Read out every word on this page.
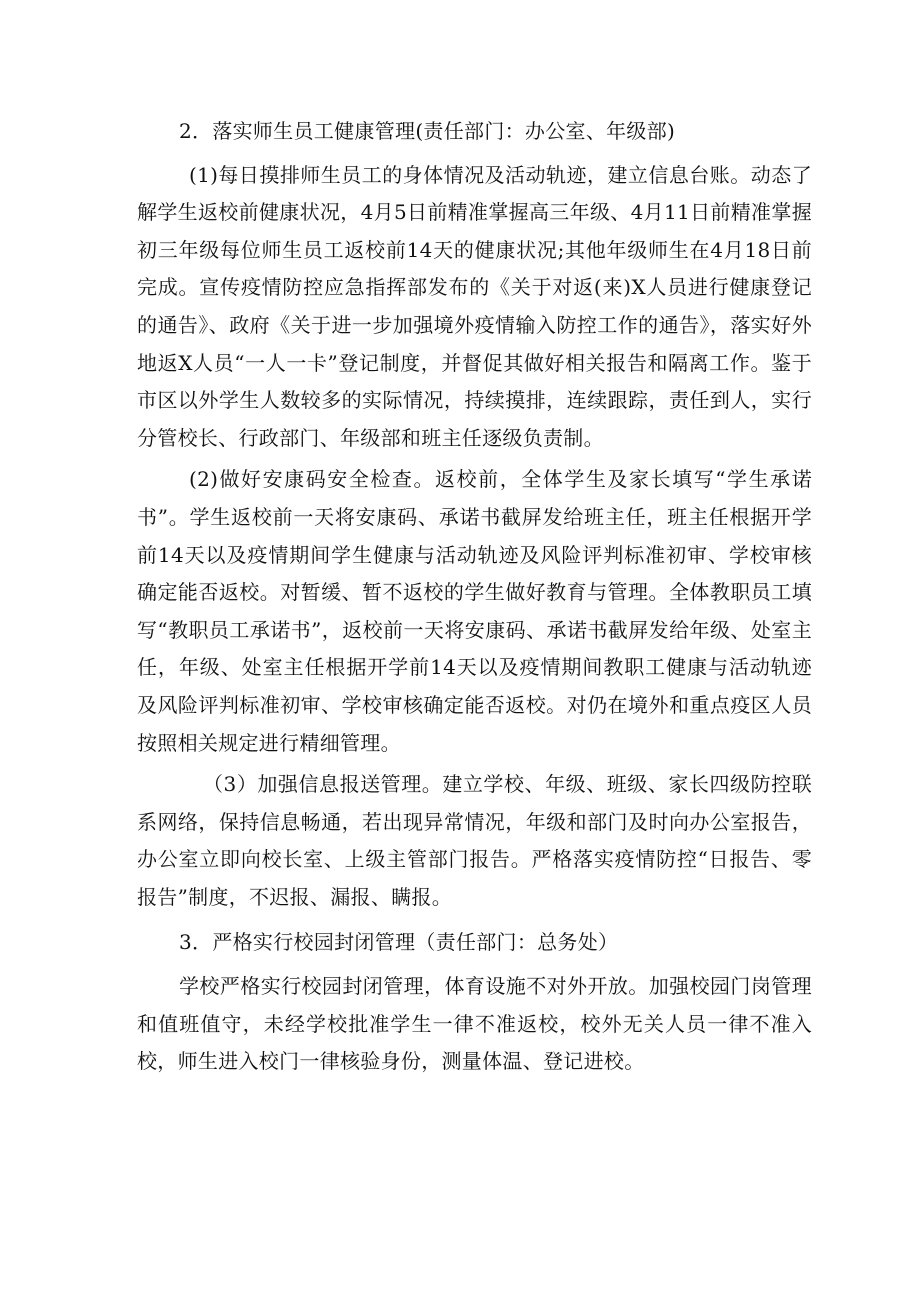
2．落实师生员工健康管理(责任部门：办公室、年级部)

(1)每日摸排师生员工的身体情况及活动轨迹，建立信息台账。动态了解学生返校前健康状况，4月5日前精准掌握高三年级、4月11日前精准掌握初三年级每位师生员工返校前14天的健康状况;其他年级师生在4月18日前完成。宣传疫情防控应急指挥部发布的《关于对返(来)X人员进行健康登记的通告》、政府《关于进一步加强境外疫情输入防控工作的通告》，落实好外地返X人员“一人一卡”登记制度，并督促其做好相关报告和隔离工作。鉴于市区以外学生人数较多的实际情况，持续摸排，连续跟踪，责任到人，实行分管校长、行政部门、年级部和班主任逐级负责制。

(2)做好安康码安全检查。返校前，全体学生及家长填写“学生承诺书”。学生返校前一天将安康码、承诺书截屏发给班主任，班主任根据开学前14天以及疫情期间学生健康与活动轨迹及风险评判标准初审、学校审核确定能否返校。对暂缓、暂不返校的学生做好教育与管理。全体教职员工填写“教职员工承诺书”，返校前一天将安康码、承诺书截屏发给年级、处室主任，年级、处室主任根据开学前14天以及疫情期间教职工健康与活动轨迹及风险评判标准初审、学校审核确定能否返校。对仍在境外和重点疫区人员按照相关规定进行精细管理。

（3）加强信息报送管理。建立学校、年级、班级、家长四级防控联系网络，保持信息畅通，若出现异常情况，年级和部门及时向办公室报告，办公室立即向校长室、上级主管部门报告。严格落实疫情防控“日报告、零报告”制度，不迟报、漏报、瞒报。

3．严格实行校园封闭管理（责任部门：总务处）

学校严格实行校园封闭管理，体育设施不对外开放。加强校园门岗管理和值班值守，未经学校批准学生一律不准返校，校外无关人员一律不准入校，师生进入校门一律核验身份，测量体温、登记进校。
